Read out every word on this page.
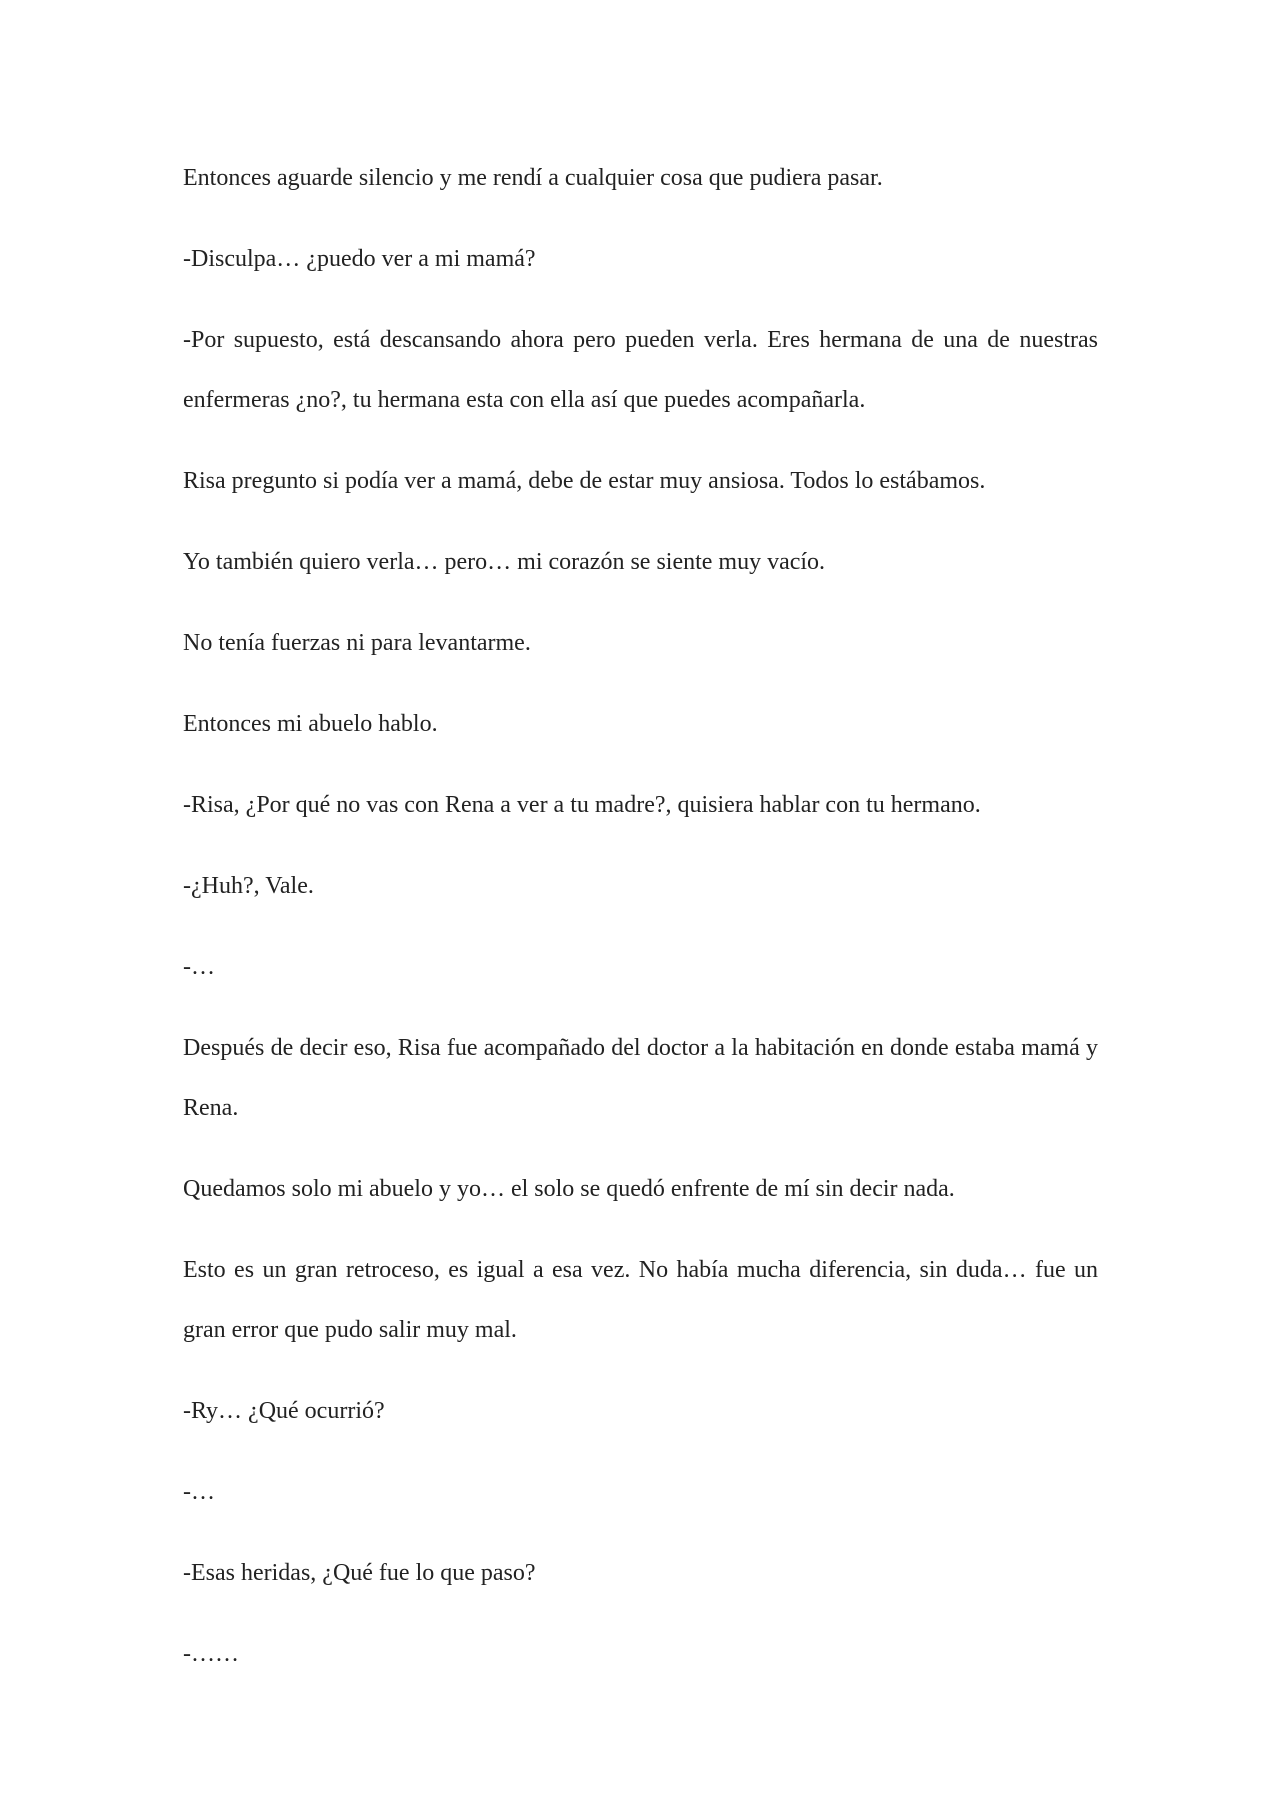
Entonces aguarde silencio y me rendí a cualquier cosa que pudiera pasar.

-Disculpa… ¿puedo ver a mi mamá?

-Por supuesto, está descansando ahora pero pueden verla. Eres hermana de una de nuestras enfermeras ¿no?, tu hermana esta con ella así que puedes acompañarla.

Risa pregunto si podía ver a mamá, debe de estar muy ansiosa. Todos lo estábamos.

Yo también quiero verla… pero… mi corazón se siente muy vacío.

No tenía fuerzas ni para levantarme.

Entonces mi abuelo hablo.

-Risa, ¿Por qué no vas con Rena a ver a tu madre?, quisiera hablar con tu hermano.

-¿Huh?, Vale.

-…

Después de decir eso, Risa fue acompañado del doctor a la habitación en donde estaba mamá y Rena.

Quedamos solo mi abuelo y yo… el solo se quedó enfrente de mí sin decir nada.

Esto es un gran retroceso, es igual a esa vez. No había mucha diferencia, sin duda… fue un gran error que pudo salir muy mal.

-Ry… ¿Qué ocurrió?

-…

-Esas heridas, ¿Qué fue lo que paso?

-……
